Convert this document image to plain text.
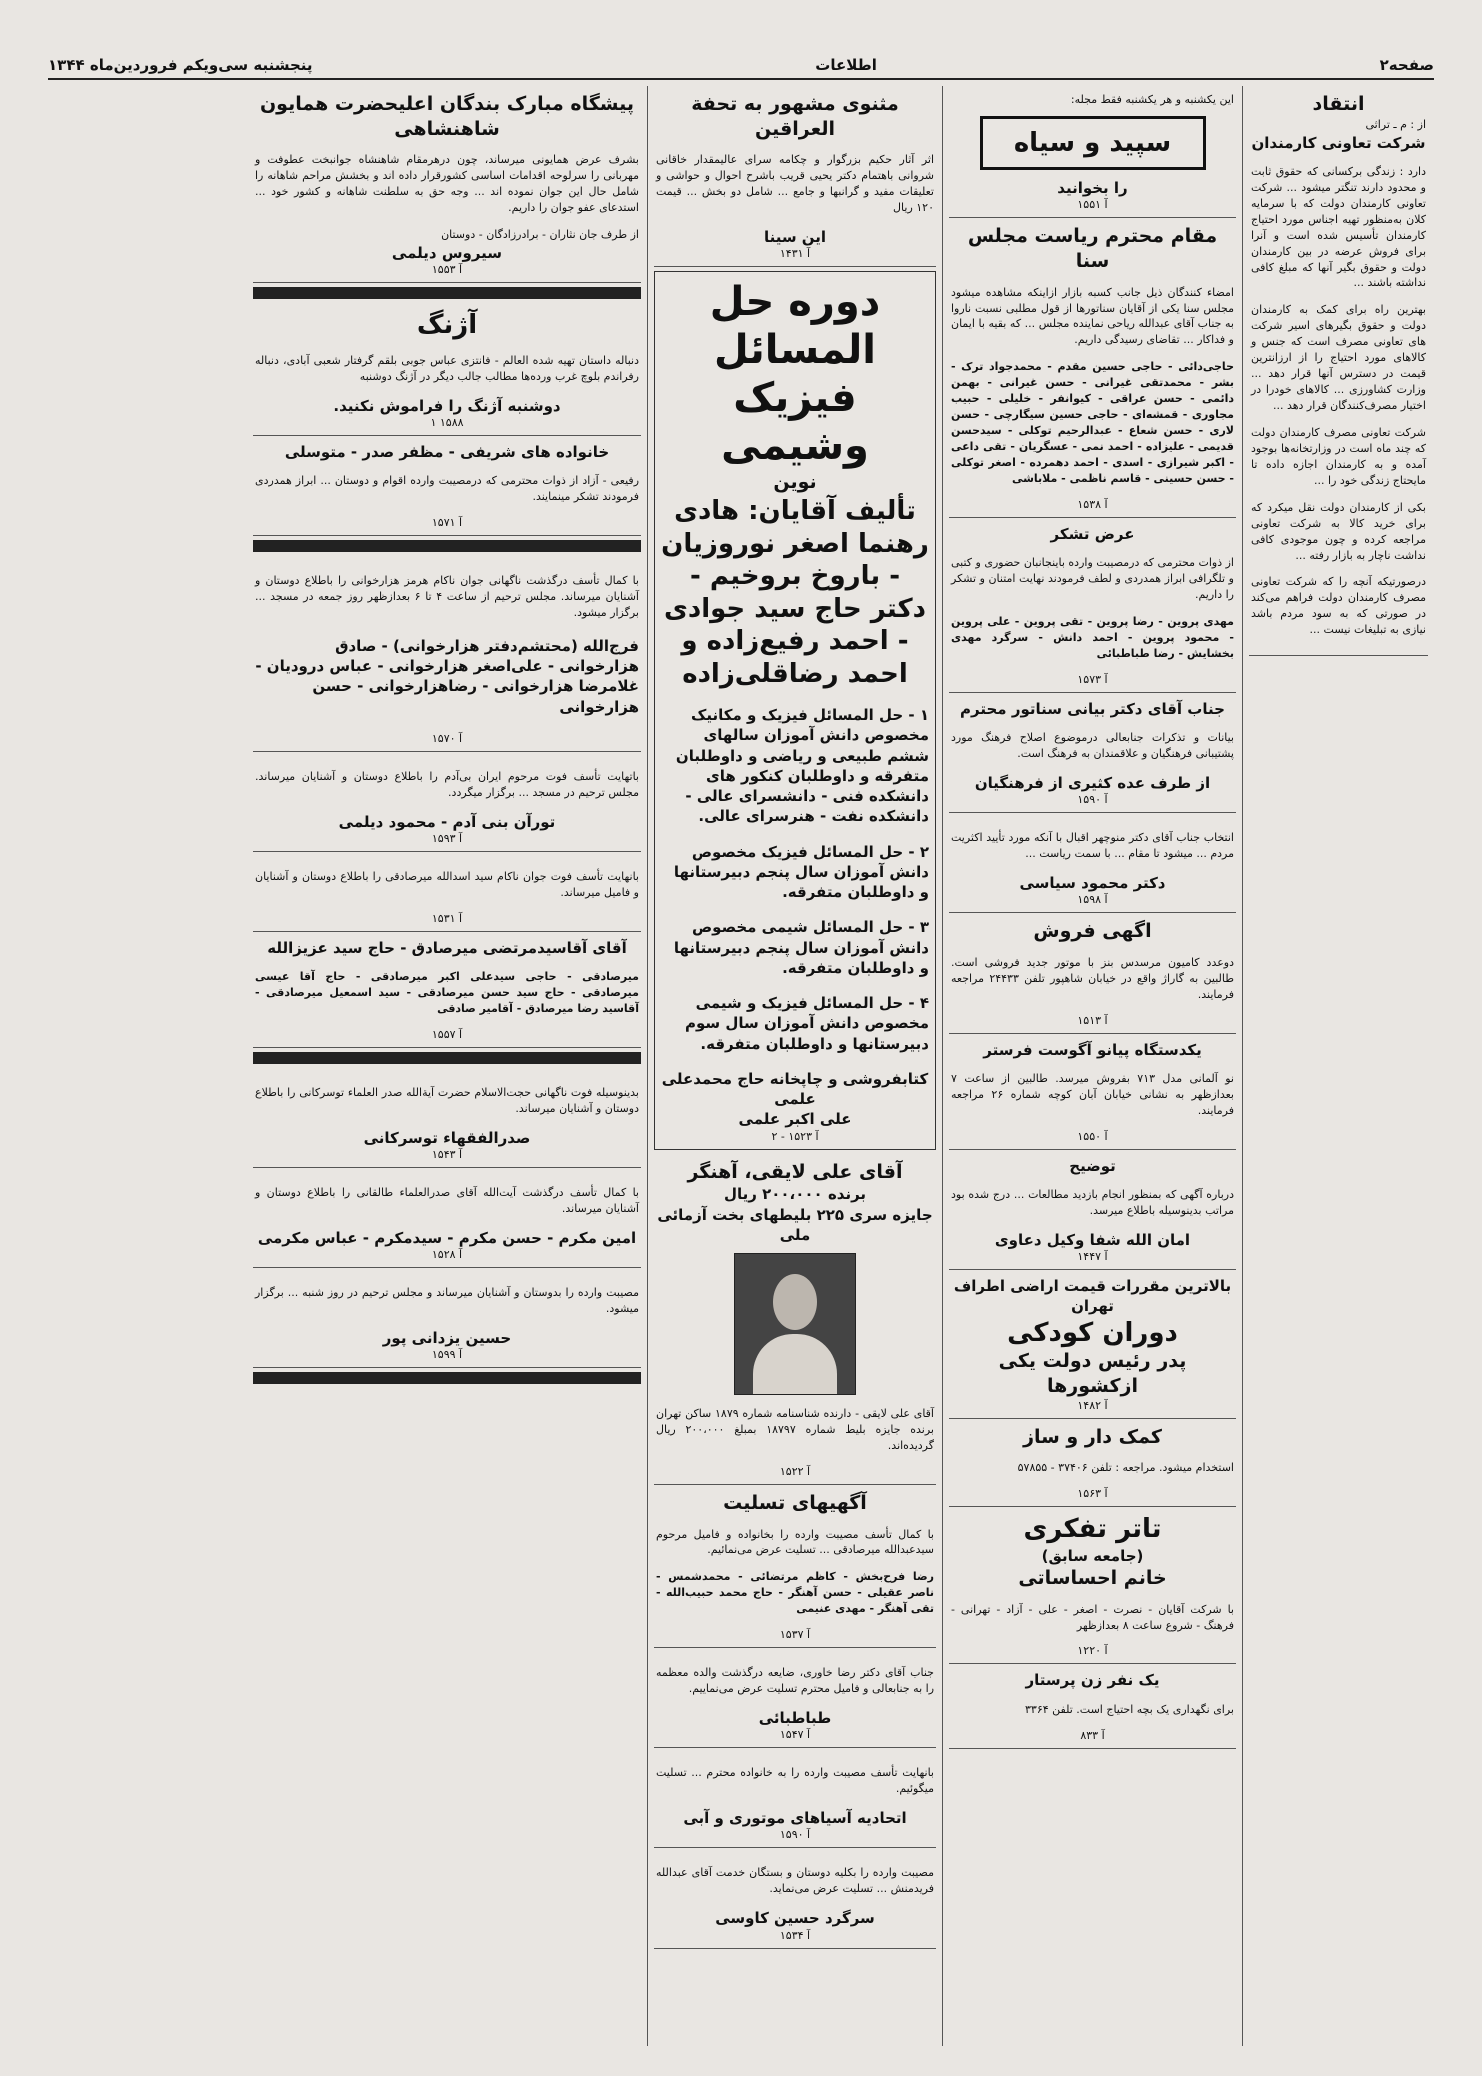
صفحه۲
اطلاعات
پنجشنبه سی‌ویکم فروردین‌ماه ۱۳۴۴
انتقاد
از : م ـ تراثی
شرکت تعاونی کارمندان

دارد : زندگی برکسانی که حقوق ثابت و محدود دارند تنگتر میشود ... شرکت تعاونی کارمندان دولت که با سرمایه کلان به‌منظور تهیه اجناس مورد احتیاج کارمندان تأسیس شده است و آنرا برای فروش عرضه در بین کارمندان دولت و حقوق بگیر آنها که مبلغ کافی نداشته باشند ...

بهترین راه برای کمک به کارمندان دولت و حقوق بگیرهای اسیر شرکت های تعاونی مصرف است که جنس و کالاهای مورد احتیاج را از ارزانترین قیمت در دسترس آنها قرار دهد ... وزارت کشاورزی ... کالاهای خودرا در اختیار مصرف‌کنندگان قرار دهد ...

شرکت تعاونی مصرف کارمندان دولت که چند ماه است در وزارتخانه‌ها بوجود آمده و به کارمندان اجازه داده تا مایحتاج زندگی خود را ...

بکی از کارمندان دولت نقل میکرد که برای خرید کالا به شرکت تعاونی مراجعه کرده و چون موجودی کافی نداشت ناچار به بازار رفته ...

درصورتیکه آنچه را که شرکت تعاونی مصرف کارمندان دولت فراهم می‌کند در صورتی که به سود مردم باشد نیازی به تبلیغات نیست ...

این یکشنبه و هر یکشنبه فقط مجله:
سپید و سیاه
را بخوانید
آ ۱۵۵۱
مقام محترم ریاست مجلس سنا

امضاء کنندگان ذیل جانب کسبه بازار ازاینکه مشاهده میشود مجلس سنا یکی از آقایان سناتورها از قول مطلبی نسبت ناروا به جناب آقای عبدالله ریاحی نماینده مجلس ... که بقیه با ایمان و فداکار ... تقاضای رسیدگی داریم.

حاجی‌دائی - حاجی حسین مقدم - محمدجواد ترک - بشر - محمدتقی غیرانی - حسن غیرانی - بهمن دائمی - حسن عراقی - کیوانفر - خلیلی - حبیب مجاوری - قمشه‌ای - حاجی حسین سیگارچی - حسن لاری - حسن شعاع - عبدالرحیم توکلی - سیدحسن قدیمی - علیزاده - احمد نمی - عسگریان - تقی داعی - اکبر شیرازی - اسدی - احمد دهمرده - اصغر توکلی - حسن حسینی - قاسم ناظمی - ملاباشی

آ ۱۵۳۸
عرض تشکر

از ذوات محترمی که درمصیبت وارده باینجانبان حضوری و کتبی و تلگرافی ابراز همدردی و لطف فرمودند نهایت امتنان و تشکر را داریم.

مهدی پروین - رضا پروین - تقی پروین - علی پروین - محمود پروین - احمد دانش - سرگرد مهدی بخشایش - رضا طباطبائی

آ ۱۵۷۳
جناب آقای دکتر بیانی سناتور محترم

بیانات و تذکرات جنابعالی درموضوع اصلاح فرهنگ مورد پشتیبانی فرهنگیان و علاقمندان به فرهنگ است.

از طرف عده کثیری از فرهنگیان
آ ۱۵۹۰

انتخاب جناب آقای دکتر منوچهر اقبال با آنکه مورد تأیید اکثریت مردم ... میشود تا مقام ... با سمت ریاست ...

دکتر محمود سیاسی
آ ۱۵۹۸
اگهی فروش

دوعدد کامیون مرسدس بنز با موتور جدید فروشی است. طالبین به گاراژ واقع در خیابان شاهپور تلفن ۲۴۴۳۳ مراجعه فرمایند.

آ ۱۵۱۳
یکدستگاه پیانو آگوست فرستر

نو آلمانی مدل ۷۱۳ بفروش میرسد. طالبین از ساعت ۷ بعدازظهر به نشانی خیابان آبان کوچه شماره ۲۶ مراجعه فرمایند.

آ ۱۵۵۰
توضیح

درباره آگهی که بمنظور انجام بازدید مطالعات ... درج شده بود مراتب بدینوسیله باطلاع میرسد.

امان الله شفا وکیل دعاوی
آ ۱۴۴۷
بالاترین مقررات قیمت اراضی اطراف تهران
دوران کودکی
پدر رئیس دولت یکی ازکشورها
آ ۱۴۸۲
کمک دار و ساز

استخدام میشود. مراجعه : تلفن ۳۷۴۰۶ - ۵۷۸۵۵

آ ۱۵۶۳
تاتر تفکری
(جامعه سابق)
خانم احساساتی

با شرکت آقایان - نصرت - اصغر - علی - آزاد - تهرانی - فرهنگ - شروع ساعت ۸ بعدازظهر

آ ۱۲۲۰
یک نفر زن پرستار

برای نگهداری یک بچه احتیاج است. تلفن ۳۳۶۴

آ ۸۳۳
مثنوی مشهور به تحفة العراقین

اثر آثار حکیم بزرگوار و چکامه سرای عالیمقدار خاقانی شروانی باهتمام دکتر یحیی قریب باشرح احوال و حواشی و تعلیقات مفید و گرانبها و جامع ... شامل دو بخش ... قیمت ۱۲۰ ریال

این سینا
آ ۱۴۳۱
دوره حل المسائل فیزیک وشیمی
نوین
تألیف آقایان: هادی رهنما اصغر نوروزیان - باروخ بروخیم - دکتر حاج سید جوادی - احمد رفیع‌زاده و احمد رضاقلی‌زاده

۱ - حل المسائل فیزیک و مکانیک مخصوص دانش آموزان سالهای ششم طبیعی و ریاضی و داوطلبان متفرقه و داوطلبان کنکور های دانشکده فنی - دانشسرای عالی - دانشکده نفت - هنرسرای عالی.

۲ - حل المسائل فیزیک مخصوص دانش آموزان سال پنجم دبیرستانها و داوطلبان متفرقه.

۳ - حل المسائل شیمی مخصوص دانش آموزان سال پنجم دبیرستانها و داوطلبان متفرقه.

۴ - حل المسائل فیزیک و شیمی مخصوص دانش آموزان سال سوم دبیرستانها و داوطلبان متفرقه.

کتابفروشی و چاپخانه حاج محمدعلی علمی
علی اکبر علمی
آ ۱۵۲۳ - ۲
آقای علی لایقی، آهنگر
برنده ۲۰۰،۰۰۰ ریال
جایزه سری ۲۲۵ بلیطهای بخت آزمائی ملی

آقای علی لایقی - دارنده شناسنامه شماره ۱۸۷۹ ساکن تهران برنده جایزه بلیط شماره ۱۸۷۹۷ بمبلغ ۲۰۰،۰۰۰ ریال گردیده‌اند.

آ ۱۵۲۲
آگهیهای تسلیت

با کمال تأسف مصیبت وارده را بخانواده و فامیل مرحوم سیدعبدالله میرصادقی ... تسلیت عرض می‌نمائیم.

رضا فرح‌بخش - کاظم مرتضائی - محمدشمس - ناصر عقیلی - حسن آهنگر - حاج محمد حبیب‌الله - تقی آهنگر - مهدی عنیمی

آ ۱۵۳۷

جناب آقای دکتر رضا خاوری، ضایعه درگذشت والده معظمه را به جنابعالی و فامیل محترم تسلیت عرض می‌نماییم.

طباطبائی
آ ۱۵۴۷

بانهایت تأسف مصیبت وارده را به خانواده محترم ... تسلیت میگوئیم.

اتحادیه آسیاهای موتوری و آبی
آ ۱۵۹۰

مصیبت وارده را بکلیه دوستان و بستگان خدمت آقای عبدالله فریدمنش ... تسلیت عرض می‌نماید.

سرگرد حسین کاوسی
آ ۱۵۳۴
پیشگاه مبارک بندگان اعلیحضرت همایون شاهنشاهی

بشرف عرض همایونی میرساند، چون درهرمقام شاهنشاه جوانبخت عطوفت و مهربانی را سرلوحه اقدامات اساسی کشورقرار داده اند و بخشش مراحم شاهانه را شامل حال این جوان نموده اند ... وجه حق به سلطنت شاهانه و کشور خود ... استدعای عفو جوان را داریم.

از طرف جان نثاران - برادرزادگان - دوستان
سیروس دیلمی
آ ۱۵۵۳
آژنگ

دنباله داستان تهیه شده العالم - فانتزی عباس جوبی بلقم گرفتار شعبی آبادی، دنباله رفراندم بلوچ غرب ورده‌ها مطالب جالب دیگر در آژنگ دوشنبه

دوشنبه آژنگ را فراموش نکنید.
۱ ۱۵۸۸
خانواده های شریفی - مظفر صدر - متوسلی

رفیعی - آزاد از ذوات محترمی که درمصیبت وارده اقوام و دوستان ... ابراز همدردی فرمودند تشکر مینمایند.

آ ۱۵۷۱

با کمال تأسف درگذشت ناگهانی جوان ناکام هرمز هزارخوانی را باطلاع دوستان و آشنایان میرساند. مجلس ترحیم از ساعت ۴ تا ۶ بعدازظهر روز جمعه در مسجد ... برگزار میشود.

فرج‌الله (محتشم‌دفتر هزارخوانی) - صادق هزارخوانی - علی‌اصغر هزارخوانی - عباس درودیان - غلامرضا هزارخوانی - رضاهزارخوانی - حسن هزارخوانی

آ ۱۵۷۰

باتهایت تأسف فوت مرحوم ایران بی‌آدم را باطلاع دوستان و آشنایان میرساند. مجلس ترحیم در مسجد ... برگزار میگردد.

تورآن بنی آدم - محمود دیلمی
آ ۱۵۹۳

بانهایت تأسف فوت جوان ناکام سید اسدالله میرصادقی را باطلاع دوستان و آشنایان و فامیل میرساند.

آ ۱۵۳۱
آقای آقاسیدمرتضی میرصادق - حاج سید عزیزالله

میرصادقی - حاجی سیدعلی اکبر میرصادقی - حاج آقا عیسی میرصادقی - حاج سید حسن میرصادقی - سید اسمعیل میرصادقی - آقاسید رضا میرصادق - آقامیر صادقی

آ ۱۵۵۷

بدینوسیله فوت ناگهانی حجت‌الاسلام حضرت آیة‌الله صدر العلماء توسرکانی را باطلاع دوستان و آشنایان میرساند.

صدرالفقهاء توسرکانی
آ ۱۵۴۳

با کمال تأسف درگذشت آیت‌الله آقای صدرالعلماء طالقانی را باطلاع دوستان و آشنایان میرساند.

امین مکرم - حسن مکرم - سیدمکرم - عباس مکرمی
آ ۱۵۲۸

مصیبت وارده را بدوستان و آشنایان میرساند و مجلس ترحیم در روز شنبه ... برگزار میشود.

حسین یزدانی پور
آ ۱۵۹۹
